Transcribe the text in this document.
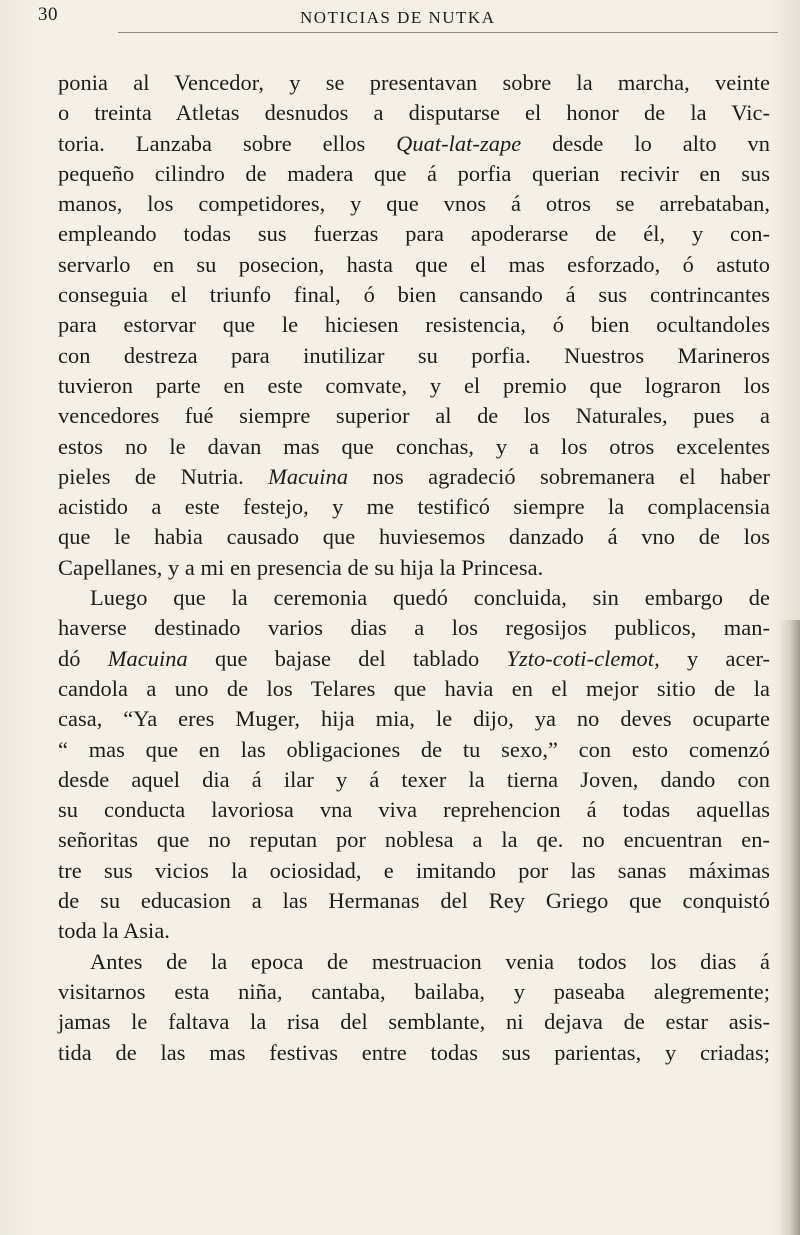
30	NOTICIAS DE NUTKA
ponia al Vencedor, y se presentavan sobre la marcha, veinte
o treinta Atletas desnudos a disputarse el honor de la Vic-
toria. Lanzaba sobre ellos Quat-lat-zape desde lo alto vn
pequeño cilindro de madera que á porfia querian recivir en sus
manos, los competidores, y que vnos á otros se arrebataban,
empleando todas sus fuerzas para apoderarse de él, y con-
servarlo en su posecion, hasta que el mas esforzado, ó astuto
conseguia el triunfo final, ó bien cansando á sus contrincantes
para estorvar que le hiciesen resistencia, ó bien ocultandoles
con destreza para inutilizar su porfia. Nuestros Marineros
tuvieron parte en este comvate, y el premio que lograron los
vencedores fué siempre superior al de los Naturales, pues a
estos no le davan mas que conchas, y a los otros excelentes
pieles de Nutria. Macuina nos agradeció sobremanera el haber
acistido a este festejo, y me testificó siempre la complacensia
que le habia causado que huviesemos danzado á vno de los
Capellanes, y a mi en presencia de su hija la Princesa.
Luego que la ceremonia quedó concluida, sin embargo de
haverse destinado varios dias a los regosijos publicos, man-
dó Macuina que bajase del tablado Yzto-coti-clemot, y acer-
candola a uno de los Telares que havia en el mejor sitio de la
casa, “Ya eres Muger, hija mia, le dijo, ya no deves ocuparte
“ mas que en las obligaciones de tu sexo,” con esto comenzó
desde aquel dia á ilar y á texer la tierna Joven, dando con
su conducta lavoriosa vna viva reprehencion á todas aquellas
señoritas que no reputan por noblesa a la qe. no encuentran en-
tre sus vicios la ociosidad, e imitando por las sanas máximas
de su educasion a las Hermanas del Rey Griego que conquistó
toda la Asia.
Antes de la epoca de mestruacion venia todos los dias á
visitarnos esta niña, cantaba, bailaba, y paseaba alegremente;
jamas le faltava la risa del semblante, ni dejava de estar asis-
tida de las mas festivas entre todas sus parientas, y criadas;
